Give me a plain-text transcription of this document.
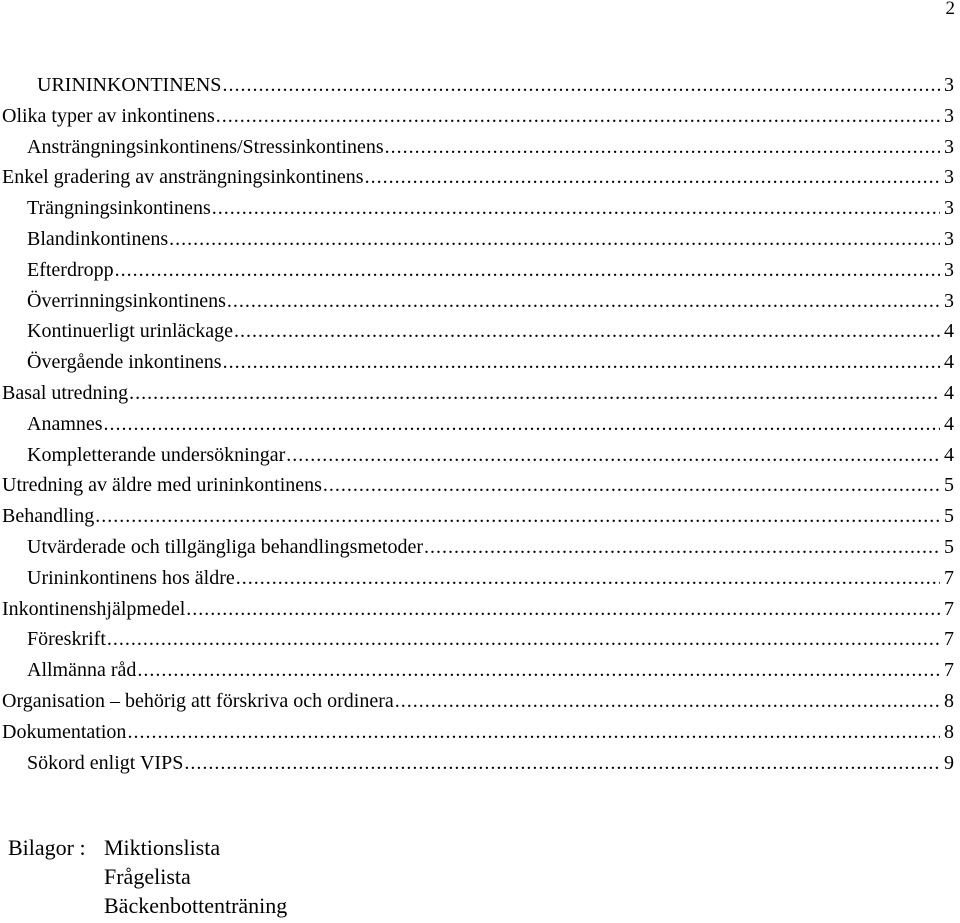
2
URININKONTINENS .....	3
Olika typer av inkontinens .....	3
Ansträngningsinkontinens/Stressinkontinens .....	3
Enkel gradering av ansträngningsinkontinens .....	3
Trängningsinkontinens .....	3
Blandinkontinens .....	3
Efterdropp .....	3
Överrinningsinkontinens .....	3
Kontinuerligt urinläckage .....	4
Övergående inkontinens .....	4
Basal utredning .....	4
Anamnes .....	4
Kompletterande undersökningar .....	4
Utredning av äldre med urininkontinens .....	5
Behandling .....	5
Utvärderade och tillgängliga behandlingsmetoder .....	5
Urininkontinens hos äldre .....	7
Inkontinenshjälpmedel .....	7
Föreskrift .....	7
Allmänna råd .....	7
Organisation – behörig att förskriva och ordinera .....	8
Dokumentation .....	8
Sökord enligt VIPS .....	9
Bilagor : Miktionslista
Frågelista
Bäckenbottenträning
